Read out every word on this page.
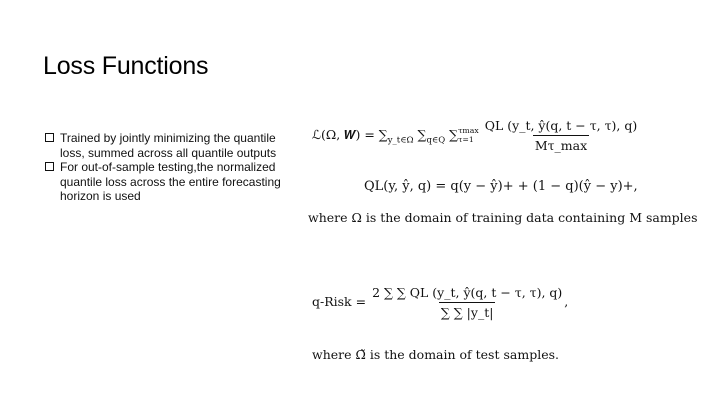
Loss Functions
Trained by jointly minimizing the quantile loss, summed across all quantile outputs
For out-of-sample testing,the normalized quantile loss across the entire forecasting horizon is used
ℒ(Ω, 𝑾) = $\sum_{y\_t\in\Omega}$ $\sum_{q\in Q}$ ∑ τmax
τ=1
$\frac{QL (y\_t, ŷ(q, t - \tau, \tau), q)}{M\tau\_\max}$
QL(y, ŷ, q) = q(y − ŷ)+ + (1 − q)(ŷ − y)+,
where Ω is the domain of training data containing M samples
q-Risk = $\frac{2 \sum \sum QL (y\_t, ŷ(q, t - \tau, \tau), q)}{\sum \sum |y\_t|}$ ,
where Ω̃ is the domain of test samples.
